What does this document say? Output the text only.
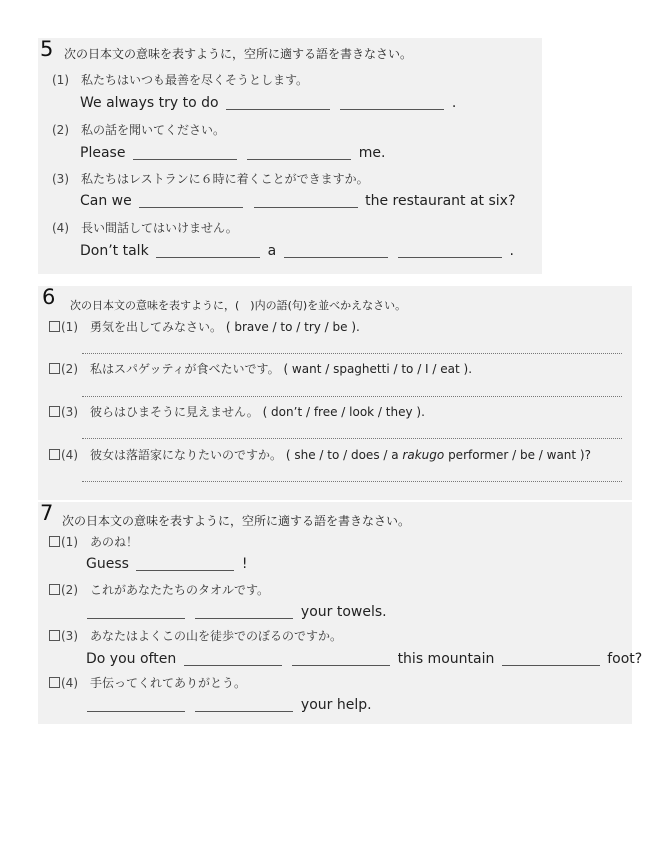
5 次の日本文の意味を表すように，空所に適する語を書きなさい。
(1) 私たちはいつも最善を尽くそうとします。
We always try to do	.
(2) 私の話を聞いてください。
Please	me.
(3) 私たちはレストランに６時に着くことができますか。
Can we	the restaurant at six?
(4) 長い間話してはいけません。
Don’t talk	a	.
6 次の日本文の意味を表すように，(　)内の語(句)を並べかえなさい。
(1) 勇気を出してみなさい。 ( brave / to / try / be ).
(2) 私はスパゲッティが食べたいです。 ( want / spaghetti / to / I / eat ).
(3) 彼らはひまそうに見えません。 ( don’t / free / look / they ).
(4) 彼女は落語家になりたいのですか。 ( she / to / does / a rakugo performer / be / want )?
7 次の日本文の意味を表すように，空所に適する語を書きなさい。
(1) あのね！
Guess	!
(2) これがあなたたちのタオルです。
your towels.
(3) あなたはよくこの山を徒歩でのぼるのですか。
Do you often	this mountain	foot?
(4) 手伝ってくれてありがとう。
your help.
